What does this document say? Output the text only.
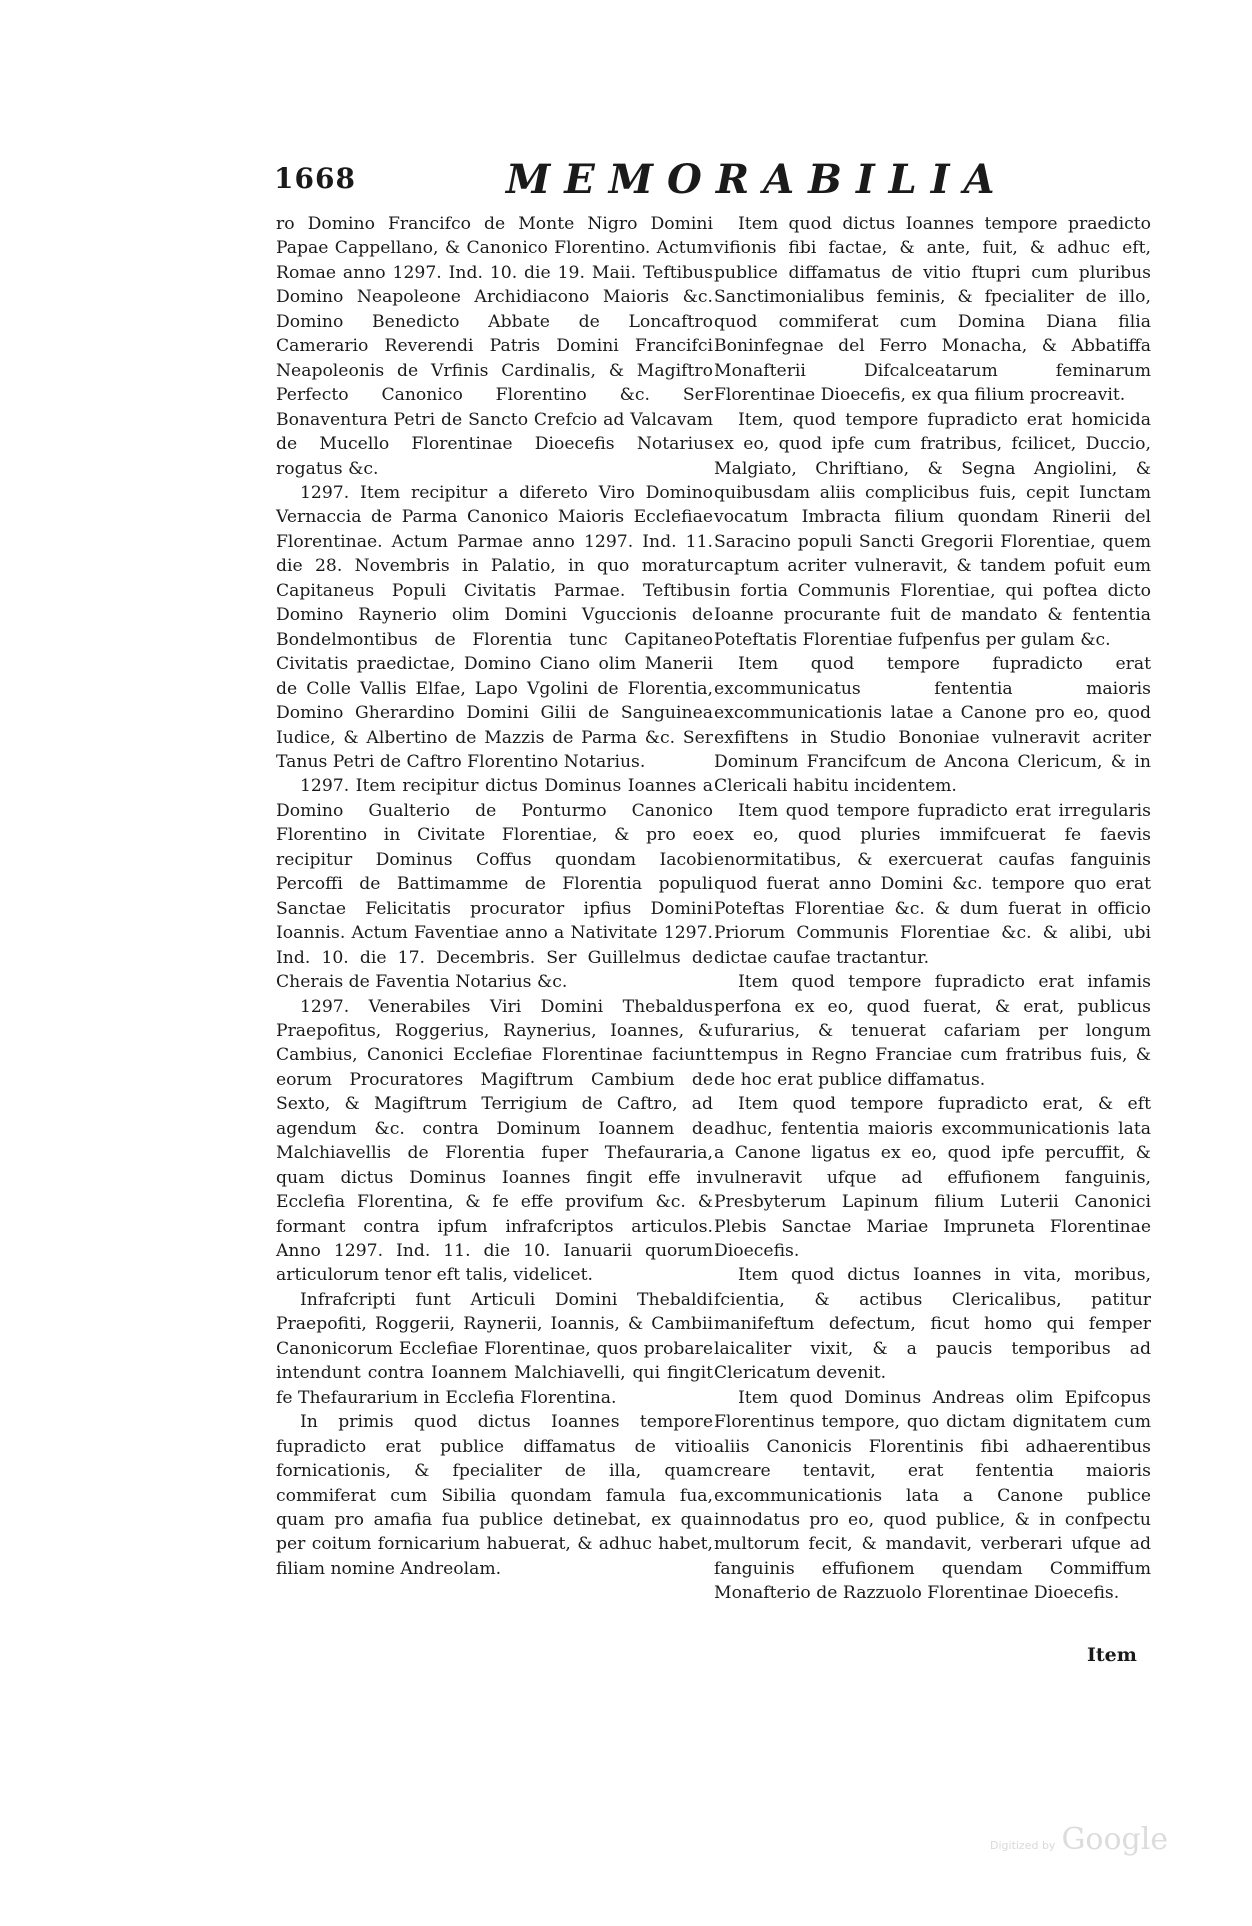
1668	MEMORABILIA

ro Domino Francifco de Monte Nigro Domini Papae Cappellano, & Canonico Florentino. Actum Romae anno 1297. Ind. 10. die 19. Maii. Teftibus Domino Neapoleone Archidiacono Maioris &c. Domino Benedicto Abbate de Loncaftro Camerario Reverendi Patris Domini Francifci Neapoleonis de Vrfinis Cardinalis, & Magiftro Perfecto Canonico Florentino &c. Ser Bonaventura Petri de Sancto Crefcio ad Valcavam de Mucello Florentinae Dioecefis Notarius rogatus &c.

1297. Item recipitur a difereto Viro Domino Vernaccia de Parma Canonico Maioris Ecclefiae Florentinae. Actum Parmae anno 1297. Ind. 11. die 28. Novembris in Palatio, in quo moratur Capitaneus Populi Civitatis Parmae. Teftibus Domino Raynerio olim Domini Vguccionis de Bondelmontibus de Florentia tunc Capitaneo Civitatis praedictae, Domino Ciano olim Manerii de Colle Vallis Elfae, Lapo Vgolini de Florentia, Domino Gherardino Domini Gilii de Sanguinea Iudice, & Albertino de Mazzis de Parma &c. Ser Tanus Petri de Caftro Florentino Notarius.

1297. Item recipitur dictus Dominus Ioannes a Domino Gualterio de Ponturmo Canonico Florentino in Civitate Florentiae, & pro eo recipitur Dominus Coffus quondam Iacobi Percoffi de Battimamme de Florentia populi Sanctae Felicitatis procurator ipfius Domini Ioannis. Actum Faventiae anno a Nativitate 1297. Ind. 10. die 17. Decembris. Ser Guillelmus de Cherais de Faventia Notarius &c.

1297. Venerabiles Viri Domini Thebaldus Praepofitus, Roggerius, Raynerius, Ioannes, & Cambius, Canonici Ecclefiae Florentinae faciunt eorum Procuratores Magiftrum Cambium de Sexto, & Magiftrum Terrigium de Caftro, ad agendum &c. contra Dominum Ioannem de Malchiavellis de Florentia fuper Thefauraria, quam dictus Dominus Ioannes fingit effe in Ecclefia Florentina, & fe effe provifum &c. & formant contra ipfum infrafcriptos articulos. Anno 1297. Ind. 11. die 10. Ianuarii quorum articulorum tenor eft talis, videlicet.

Infrafcripti funt Articuli Domini Thebaldi Praepofiti, Roggerii, Raynerii, Ioannis, & Cambii Canonicorum Ecclefiae Florentinae, quos probare intendunt contra Ioannem Malchiavelli, qui fingit fe Thefaurarium in Ecclefia Florentina.

In primis quod dictus Ioannes tempore fupradicto erat publice diffamatus de vitio fornicationis, & fpecialiter de illa, quam commiferat cum Sibilia quondam famula fua, quam pro amafia fua publice detinebat, ex qua per coitum fornicarium habuerat, & adhuc habet, filiam nomine Andreolam.

Item quod dictus Ioannes tempore praedicto vifionis fibi factae, & ante, fuit, & adhuc eft, publice diffamatus de vitio ftupri cum pluribus Sanctimonialibus feminis, & fpecialiter de illo, quod commiferat cum Domina Diana filia Boninfegnae del Ferro Monacha, & Abbatiffa Monafterii Difcalceatarum feminarum Florentinae Dioecefis, ex qua filium procreavit.

Item, quod tempore fupradicto erat homicida ex eo, quod ipfe cum fratribus, fcilicet, Duccio, Malgiato, Chriftiano, & Segna Angiolini, & quibusdam aliis complicibus fuis, cepit Iunctam vocatum Imbracta filium quondam Rinerii del Saracino populi Sancti Gregorii Florentiae, quem captum acriter vulneravit, & tandem pofuit eum in fortia Communis Florentiae, qui poftea dicto Ioanne procurante fuit de mandato & fententia Poteftatis Florentiae fufpenfus per gulam &c.

Item quod tempore fupradicto erat excommunicatus fententia maioris excommunicationis latae a Canone pro eo, quod exfiftens in Studio Bononiae vulneravit acriter Dominum Francifcum de Ancona Clericum, & in Clericali habitu incidentem.

Item quod tempore fupradicto erat irregularis ex eo, quod pluries immifcuerat fe faevis enormitatibus, & exercuerat caufas fanguinis quod fuerat anno Domini &c. tempore quo erat Poteftas Florentiae &c. & dum fuerat in officio Priorum Communis Florentiae &c. & alibi, ubi dictae caufae tractantur.

Item quod tempore fupradicto erat infamis perfona ex eo, quod fuerat, & erat, publicus ufurarius, & tenuerat cafariam per longum tempus in Regno Franciae cum fratribus fuis, & de hoc erat publice diffamatus.

Item quod tempore fupradicto erat, & eft adhuc, fententia maioris excommunicationis lata a Canone ligatus ex eo, quod ipfe percuffit, & vulneravit ufque ad effufionem fanguinis, Presbyterum Lapinum filium Luterii Canonici Plebis Sanctae Mariae Impruneta Florentinae Dioecefis.

Item quod dictus Ioannes in vita, moribus, fcientia, & actibus Clericalibus, patitur manifeftum defectum, ficut homo qui femper laicaliter vixit, & a paucis temporibus ad Clericatum devenit.

Item quod Dominus Andreas olim Epifcopus Florentinus tempore, quo dictam dignitatem cum aliis Canonicis Florentinis fibi adhaerentibus creare tentavit, erat fententia maioris excommunicationis lata a Canone publice innodatus pro eo, quod publice, & in confpectu multorum fecit, & mandavit, verberari ufque ad fanguinis effufionem quendam Commiffum Monafterio de Razzuolo Florentinae Dioecefis.

Item
Digitized by Google
